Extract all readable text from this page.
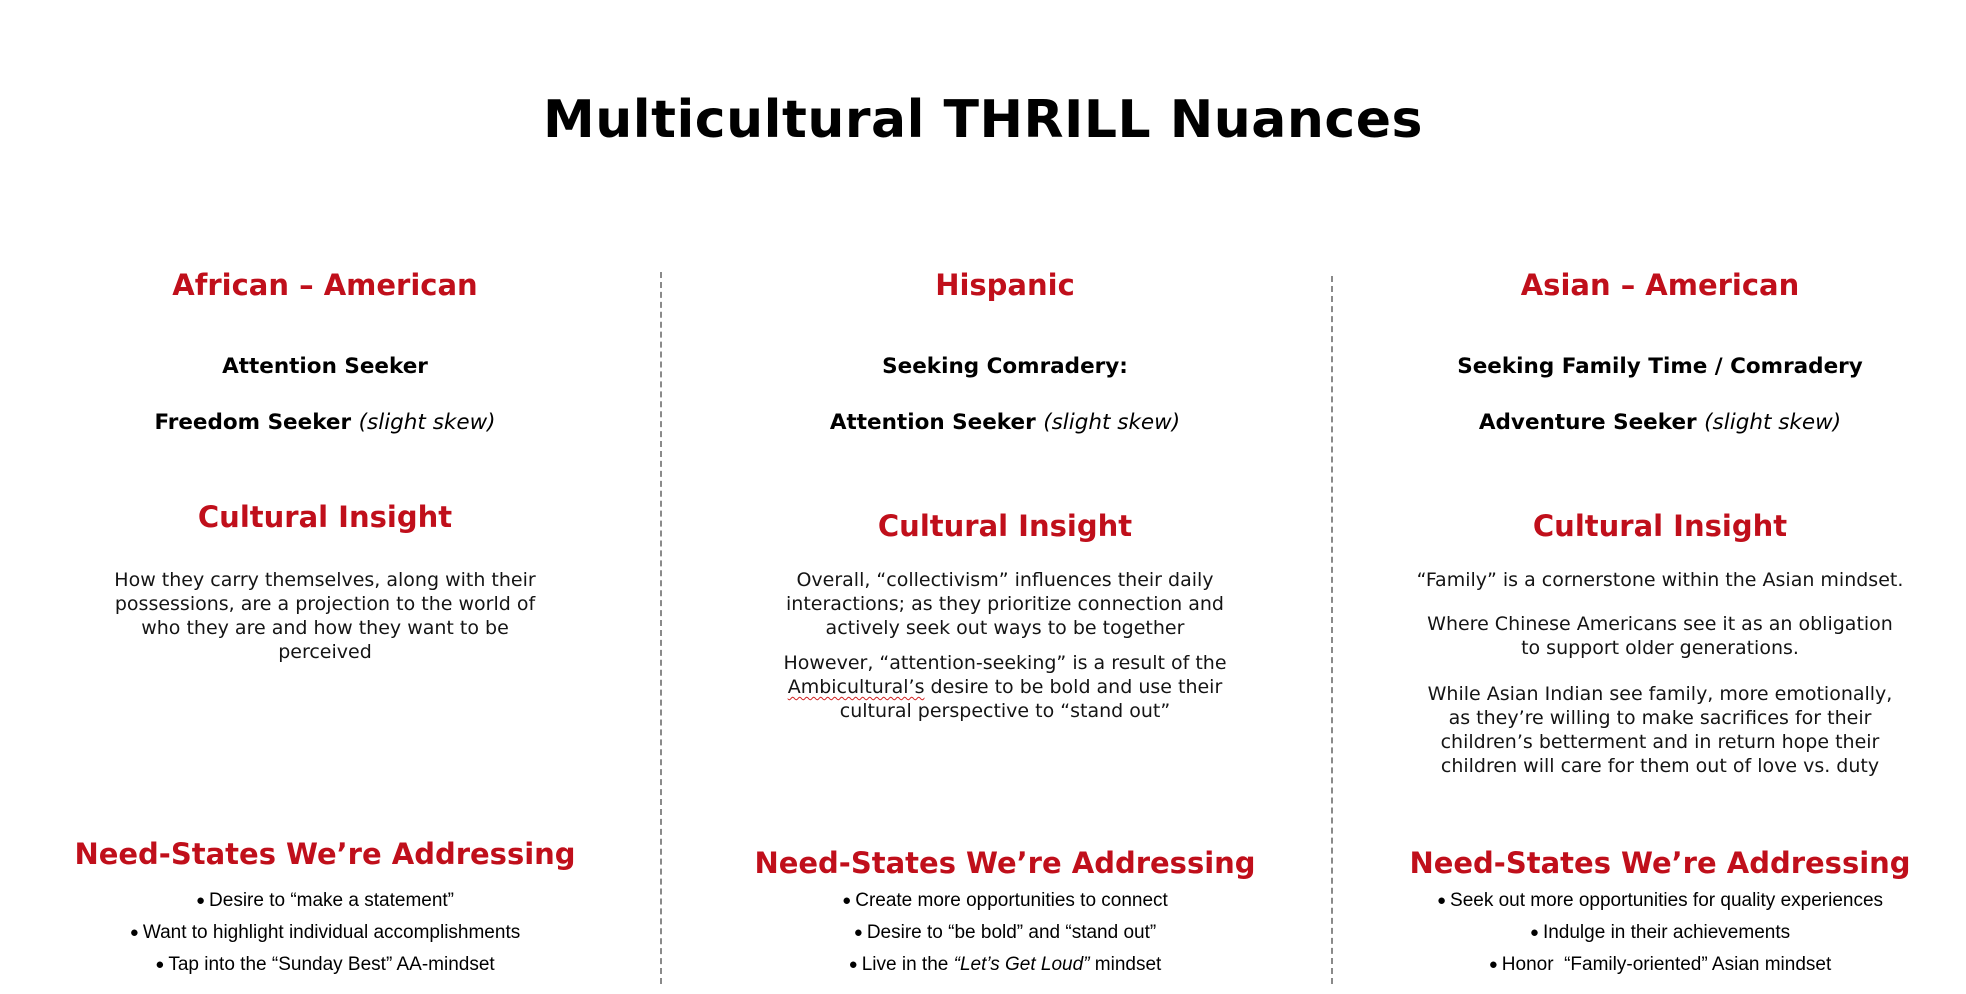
Multicultural THRILL Nuances
African – American
Attention Seeker
Freedom Seeker (slight skew)
Cultural Insight

How they carry themselves, along with their possessions, are a projection to the world of who they are and how they want to be perceived

Need-States We’re Addressing
● Desire to “make a statement”
● Want to highlight individual accomplishments
● Tap into the “Sunday Best” AA-mindset
Hispanic
Seeking Comradery:
Attention Seeker (slight skew)
Cultural Insight

Overall, “collectivism” influences their daily interactions; as they prioritize connection and actively seek out ways to be together

However, “attention-seeking” is a result of the Ambicultural’s desire to be bold and use their cultural perspective to “stand out”

Need-States We’re Addressing
● Create more opportunities to connect
● Desire to “be bold” and “stand out”
● Live in the “Let’s Get Loud” mindset
Asian – American
Seeking Family Time / Comradery
Adventure Seeker (slight skew)
Cultural Insight

“Family” is a cornerstone within the Asian mindset.

Where Chinese Americans see it as an obligation to support older generations.

While Asian Indian see family, more emotionally, as they’re willing to make sacrifices for their children’s betterment and in return hope their children will care for them out of love vs. duty

Need-States We’re Addressing
● Seek out more opportunities for quality experiences
● Indulge in their achievements
● Honor  “Family-oriented” Asian mindset
